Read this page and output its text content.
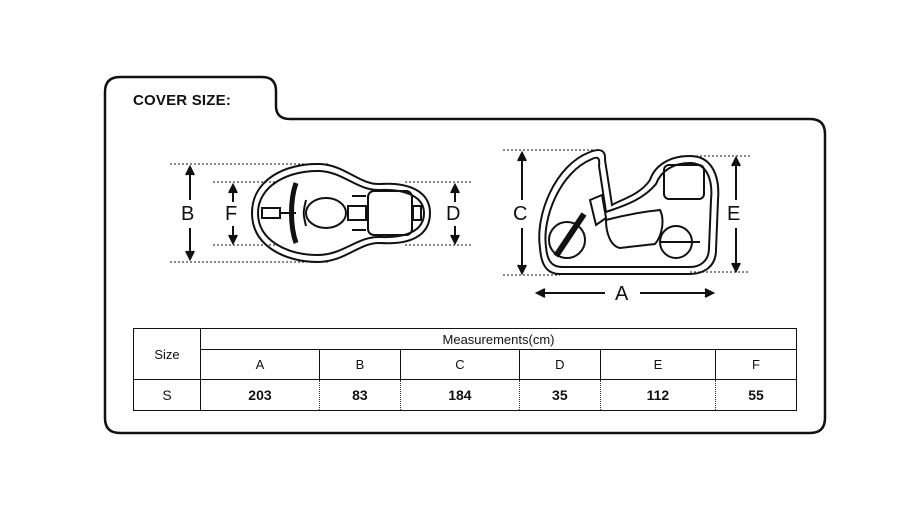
COVER SIZE:
B F	D	C	E
A
Size	Measurements(cm)					
	A	B	C	D	E	F
S	203	83	184	35	112	55
